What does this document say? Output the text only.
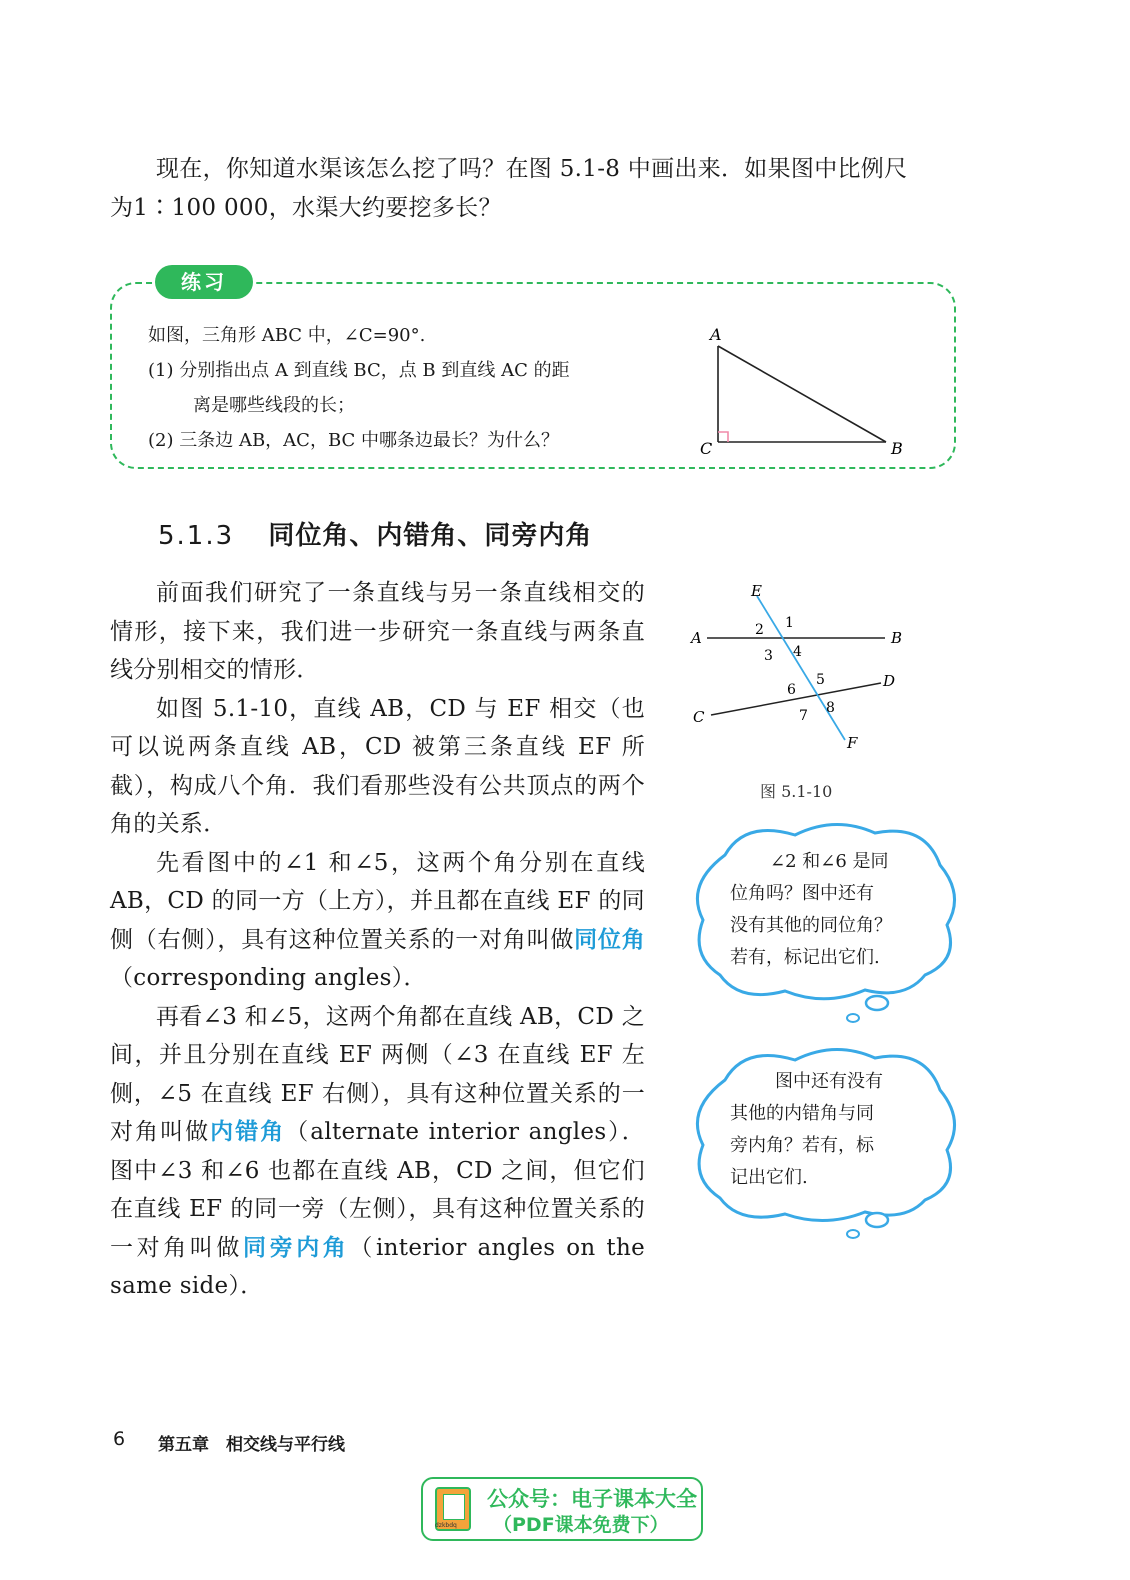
现在，你知道水渠该怎么挖了吗？在图 5.1-8 中画出来．如果图中比例尺

为1∶100 000，水渠大约要挖多长？

练习

如图，三角形 ABC 中，∠C=90°.

(1) 分别指出点 A 到直线 BC，点 B 到直线 AC 的距

离是哪些线段的长；

(2) 三条边 AB，AC，BC 中哪条边最长？为什么？

A
C	B
5.1.3 同位角、内错角、同旁内角

前面我们研究了一条直线与另一条直线相交的情形，接下来，我们进一步研究一条直线与两条直线分别相交的情形．

如图 5.1-10，直线 AB，CD 与 EF 相交（也可以说两条直线 AB，CD 被第三条直线 EF 所截），构成八个角．我们看那些没有公共顶点的两个角的关系．

先看图中的∠1 和∠5，这两个角分别在直线 AB，CD 的同一方（上方），并且都在直线 EF 的同侧（右侧），具有这种位置关系的一对角叫做同位角（corresponding angles）．

再看∠3 和∠5，这两个角都在直线 AB，CD 之间，并且分别在直线 EF 两侧（∠3 在直线 EF 左侧，∠5 在直线 EF 右侧），具有这种位置关系的一对角叫做内错角（alternate interior angles）．图中∠3 和∠6 也都在直线 AB，CD 之间，但它们在直线 EF 的同一旁（左侧），具有这种位置关系的一对角叫做同旁内角（interior angles on the same side）．

E
A	B
C
D
F
1
2
3 4
5
6
7 8
图 5.1-10

∠2 和∠6 是同

位角吗？图中还有

没有其他的同位角？

若有，标记出它们.

图中还有没有

其他的内错角与同

旁内角？若有，标

记出它们.

6 第五章　相交线与平行线
dzkbdq
公众号：电子课本大全
（PDF课本免费下）
